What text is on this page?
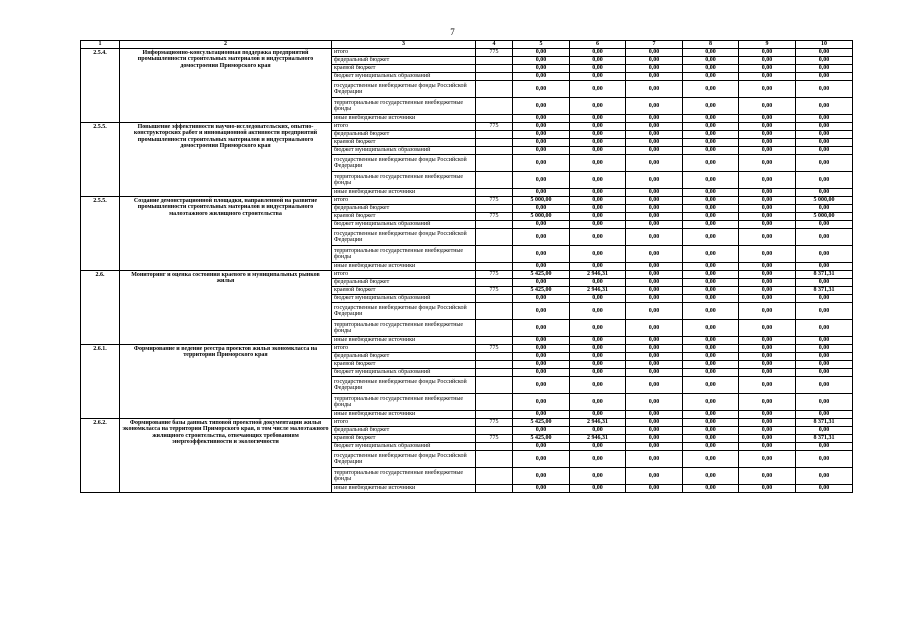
7
1	2	3	4	5	6	7	8	9	10
2.5.4.	Информационно-консультационная поддержка предприятий промышленности строительных материалов и индустриального домостроения Приморского края	итого	775	0,00	0,00	0,00	0,00	0,00	0,00
		федеральный бюджет		0,00	0,00	0,00	0,00	0,00	0,00
		краевой бюджет		0,00	0,00	0,00	0,00	0,00	0,00
		бюджет муниципальных образований		0,00	0,00	0,00	0,00	0,00	0,00
		государственные внебюджетные фонды Российской Федерации		0,00	0,00	0,00	0,00	0,00	0,00
		территориальные государственные внебюджетные фонды		0,00	0,00	0,00	0,00	0,00	0,00
		иные внебюджетные источники		0,00	0,00	0,00	0,00	0,00	0,00
2.5.5.	Повышение эффективности научно-исследовательских, опытно-конструкторских работ и инновационной активности предприятий промышленности строительных материалов и индустриального домостроения Приморского края	итого	775	0,00	0,00	0,00	0,00	0,00	0,00
		федеральный бюджет		0,00	0,00	0,00	0,00	0,00	0,00
		краевой бюджет		0,00	0,00	0,00	0,00	0,00	0,00
		бюджет муниципальных образований		0,00	0,00	0,00	0,00	0,00	0,00
		государственные внебюджетные фонды Российской Федерации		0,00	0,00	0,00	0,00	0,00	0,00
		территориальные государственные внебюджетные фонды		0,00	0,00	0,00	0,00	0,00	0,00
		иные внебюджетные источники		0,00	0,00	0,00	0,00	0,00	0,00
2.5.5.	Создание демонстрационной площадки, направленной на развитие промышленности строительных материалов и индустриального малоэтажного жилищного строительства	итого	775	5 000,00	0,00	0,00	0,00	0,00	5 000,00
		федеральный бюджет		0,00	0,00	0,00	0,00	0,00	0,00
		краевой бюджет	775	5 000,00	0,00	0,00	0,00	0,00	5 000,00
		бюджет муниципальных образований		0,00	0,00	0,00	0,00	0,00	0,00
		государственные внебюджетные фонды Российской Федерации		0,00	0,00	0,00	0,00	0,00	0,00
		территориальные государственные внебюджетные фонды		0,00	0,00	0,00	0,00	0,00	0,00
		иные внебюджетные источники		0,00	0,00	0,00	0,00	0,00	0,00
2.6.	Мониторинг и оценка состояния краевого и муниципальных рынков жилья	итого	775	5 425,00	2 946,31	0,00	0,00	0,00	8 371,31
		федеральный бюджет		0,00	0,00	0,00	0,00	0,00	0,00
		краевой бюджет	775	5 425,00	2 946,31	0,00	0,00	0,00	8 371,31
		бюджет муниципальных образований		0,00	0,00	0,00	0,00	0,00	0,00
		государственные внебюджетные фонды Российской Федерации		0,00	0,00	0,00	0,00	0,00	0,00
		территориальные государственные внебюджетные фонды		0,00	0,00	0,00	0,00	0,00	0,00
		иные внебюджетные источники		0,00	0,00	0,00	0,00	0,00	0,00
2.6.1.	Формирование и ведение реестра проектов жилья экономкласса на территории Приморского края	итого	775	0,00	0,00	0,00	0,00	0,00	0,00
		федеральный бюджет		0,00	0,00	0,00	0,00	0,00	0,00
		краевой бюджет		0,00	0,00	0,00	0,00	0,00	0,00
		бюджет муниципальных образований		0,00	0,00	0,00	0,00	0,00	0,00
		государственные внебюджетные фонды Российской Федерации		0,00	0,00	0,00	0,00	0,00	0,00
		территориальные государственные внебюджетные фонды		0,00	0,00	0,00	0,00	0,00	0,00
		иные внебюджетные источники		0,00	0,00	0,00	0,00	0,00	0,00
2.6.2.	Формирование базы данных типовой проектной документации жилья экономкласса на территории Приморского края, в том числе малоэтажного жилищного строительства, отвечающих требованиям энергоэффективности и экологичности	итого	775	5 425,00	2 946,31	0,00	0,00	0,00	8 371,31
		федеральный бюджет		0,00	0,00	0,00	0,00	0,00	0,00
		краевой бюджет	775	5 425,00	2 946,31	0,00	0,00	0,00	8 371,31
		бюджет муниципальных образований		0,00	0,00	0,00	0,00	0,00	0,00
		государственные внебюджетные фонды Российской Федерации		0,00	0,00	0,00	0,00	0,00	0,00
		территориальные государственные внебюджетные фонды		0,00	0,00	0,00	0,00	0,00	0,00
		иные внебюджетные источники		0,00	0,00	0,00	0,00	0,00	0,00
